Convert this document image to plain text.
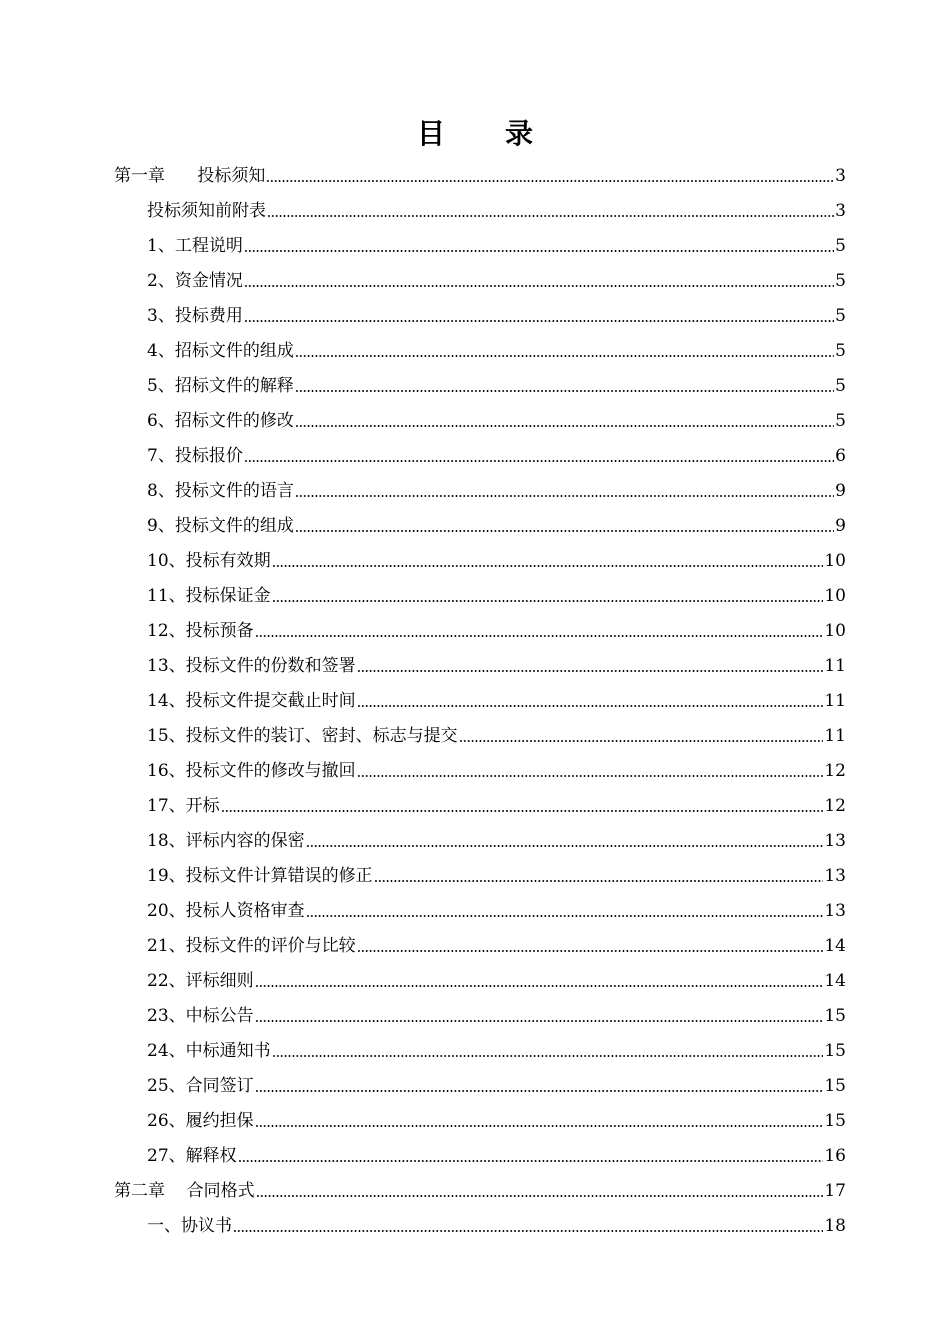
目 录
第一章      投标须知	3
投标须知前附表	3
1、工程说明	5
2、资金情况	5
3、投标费用	5
4、招标文件的组成	5
5、招标文件的解释	5
6、招标文件的修改	5
7、投标报价	6
8、投标文件的语言	9
9、投标文件的组成	9
10、投标有效期	10
11、投标保证金	10
12、投标预备	10
13、投标文件的份数和签署	11
14、投标文件提交截止时间	11
15、投标文件的装订、密封、标志与提交	11
16、投标文件的修改与撤回	12
17、开标	12
18、评标内容的保密	13
19、投标文件计算错误的修正	13
20、投标人资格审查	13
21、投标文件的评价与比较	14
22、评标细则	14
23、中标公告	15
24、中标通知书	15
25、合同签订	15
26、履约担保	15
27、解释权	16
第二章    合同格式	17
一、协议书	18
